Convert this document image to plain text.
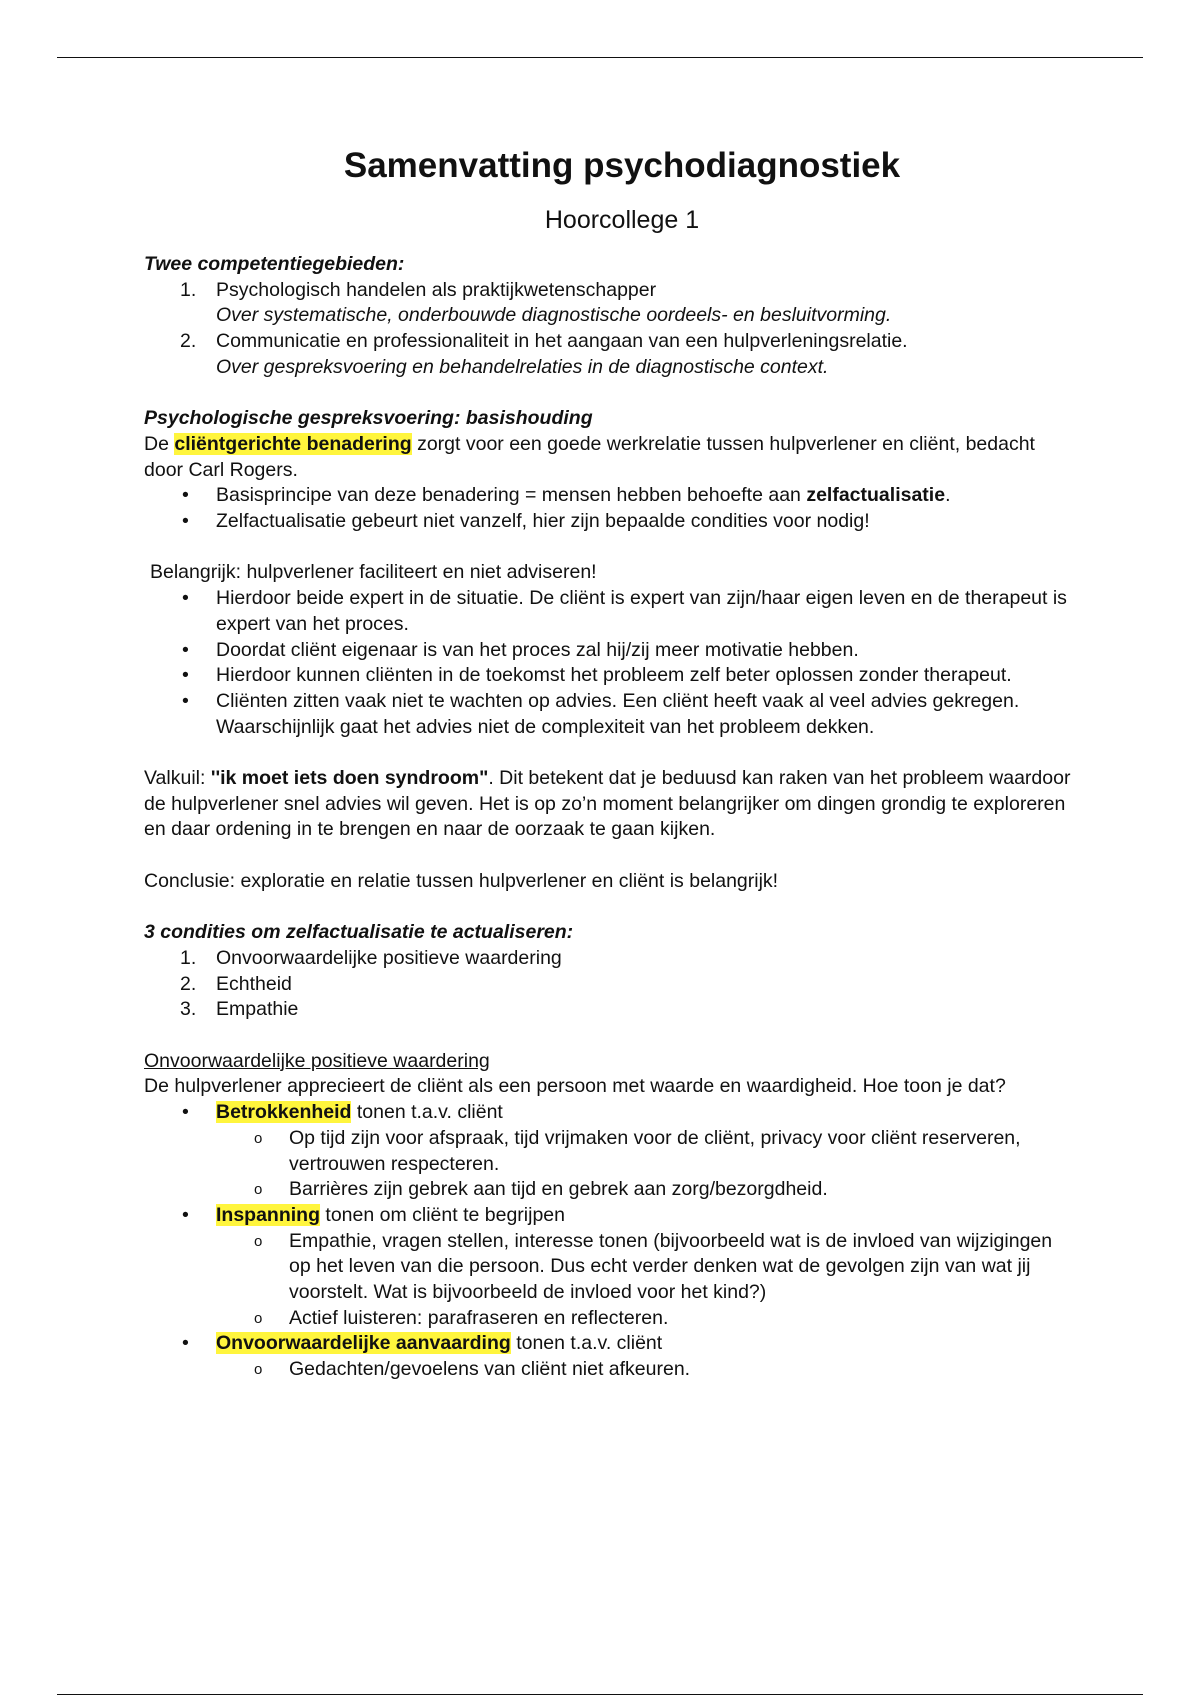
Samenvatting psychodiagnostiek
Hoorcollege 1
Twee competentiegebieden:
1.	Psychologisch handelen als praktijkwetenschapper
Over systematische, onderbouwde diagnostische oordeels- en besluitvorming.
2.	Communicatie en professionaliteit in het aangaan van een hulpverleningsrelatie.
Over gespreksvoering en behandelrelaties in de diagnostische context.
Psychologische gespreksvoering: basishouding
De cliëntgerichte benadering zorgt voor een goede werkrelatie tussen hulpverlener en cliënt, bedacht door Carl Rogers.
• Basisprincipe van deze benadering = mensen hebben behoefte aan zelfactualisatie.
• Zelfactualisatie gebeurt niet vanzelf, hier zijn bepaalde condities voor nodig!
Belangrijk: hulpverlener faciliteert en niet adviseren!
• Hierdoor beide expert in de situatie. De cliënt is expert van zijn/haar eigen leven en de therapeut is expert van het proces.
• Doordat cliënt eigenaar is van het proces zal hij/zij meer motivatie hebben.
• Hierdoor kunnen cliënten in de toekomst het probleem zelf beter oplossen zonder therapeut.
• Cliënten zitten vaak niet te wachten op advies. Een cliënt heeft vaak al veel advies gekregen. Waarschijnlijk gaat het advies niet de complexiteit van het probleem dekken.
Valkuil: ''ik moet iets doen syndroom". Dit betekent dat je beduusd kan raken van het probleem waardoor de hulpverlener snel advies wil geven. Het is op zo’n moment belangrijker om dingen grondig te exploreren en daar ordening in te brengen en naar de oorzaak te gaan kijken.
Conclusie: exploratie en relatie tussen hulpverlener en cliënt is belangrijk!
3 condities om zelfactualisatie te actualiseren:
1.	Onvoorwaardelijke positieve waardering
2.	Echtheid
3.	Empathie
Onvoorwaardelijke positieve waardering
De hulpverlener apprecieert de cliënt als een persoon met waarde en waardigheid. Hoe toon je dat?
• Betrokkenheid tonen t.a.v. cliënt
o Op tijd zijn voor afspraak, tijd vrijmaken voor de cliënt, privacy voor cliënt reserveren, vertrouwen respecteren.
o Barrières zijn gebrek aan tijd en gebrek aan zorg/bezorgdheid.
• Inspanning tonen om cliënt te begrijpen
o Empathie, vragen stellen, interesse tonen (bijvoorbeeld wat is de invloed van wijzigingen op het leven van die persoon. Dus echt verder denken wat de gevolgen zijn van wat jij voorstelt. Wat is bijvoorbeeld de invloed voor het kind?)
o Actief luisteren: parafraseren en reflecteren.
• Onvoorwaardelijke aanvaarding tonen t.a.v. cliënt
o Gedachten/gevoelens van cliënt niet afkeuren.
